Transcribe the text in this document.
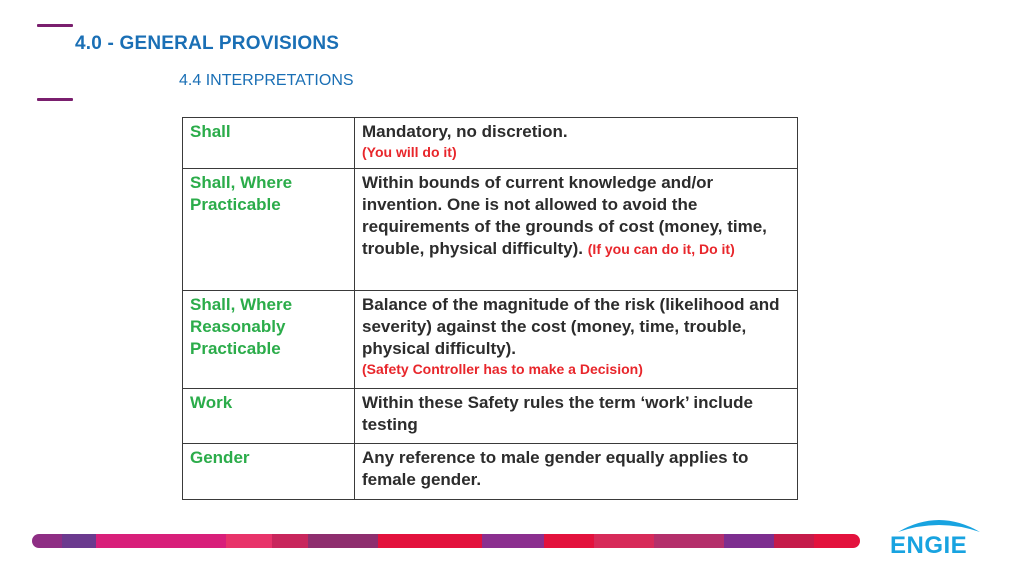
4.0 - GENERAL PROVISIONS
4.4 INTERPRETATIONS
Shall	Mandatory, no discretion.
(You will do it)

Shall, Where Practicable	Within bounds of current knowledge and/or invention. One is not allowed to avoid the requirements of the grounds of cost (money, time, trouble, physical difficulty). (If you can do it, Do it)
Shall, Where Reasonably Practicable	Balance of the magnitude of the risk (likelihood and severity) against the cost (money, time, trouble, physical difficulty).
(Safety Controller has to make a Decision)

Work	Within these Safety rules the term ‘work’ include testing
Gender	Any reference to male gender equally applies to female gender.
ENGIE
